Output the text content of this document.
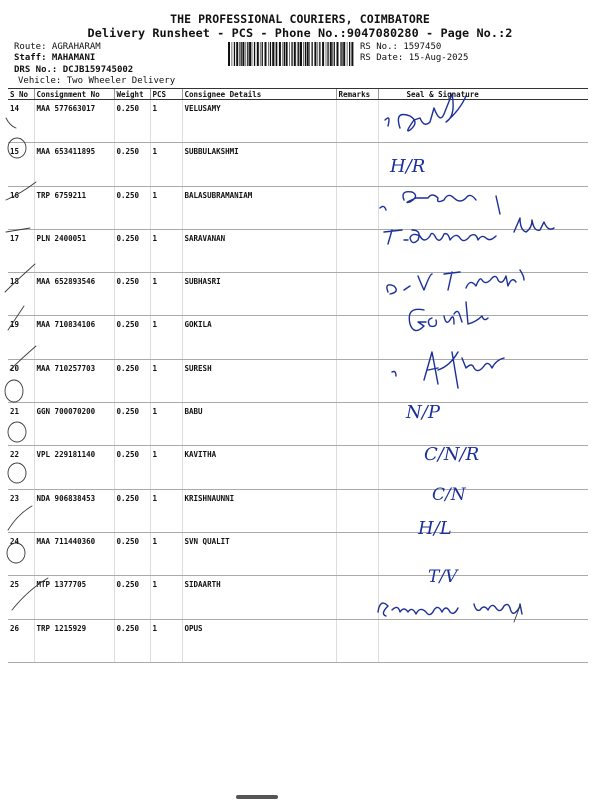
THE PROFESSIONAL COURIERS, COIMBATORE
Delivery Runsheet - PCS - Phone No.:9047080280 - Page No.:2
Route: AGRAHARAM
Staff: MAHAMANI
DRS No.: DCJB159745002
Vehicle: Two Wheeler Delivery
RS No.: 1597450
RS Date: 15-Aug-2025
S No	Consignment No	Weight	PCS	Consignee Details	Remarks	Seal & Signature
14	MAA 577663017	0.250	1	VELUSAMY		
15	MAA 653411895	0.250	1	SUBBULAKSHMI		
16	TRP 6759211	0.250	1	BALASUBRAMANIAM		
17	PLN 2400051	0.250	1	SARAVANAN		
18	MAA 652893546	0.250	1	SUBHASRI		
19	MAA 710834106	0.250	1	GOKILA		
20	MAA 710257703	0.250	1	SURESH		
21	GGN 700070200	0.250	1	BABU		
22	VPL 229181140	0.250	1	KAVITHA		
23	NDA 906838453	0.250	1	KRISHNAUNNI		
24	MAA 711440360	0.250	1	SVN QUALIT		
25	MTP 1377705	0.250	1	SIDAARTH		
26	TRP 1215929	0.250	1	OPUS		
H/R
N/P
C/N/R
C/N
H/L
T/V
